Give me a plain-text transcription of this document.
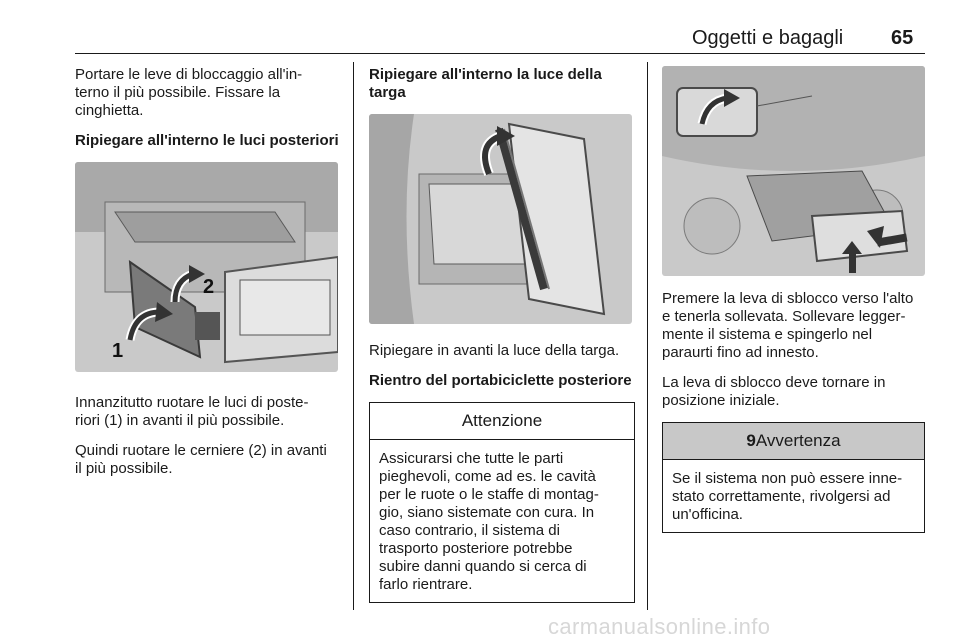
Oggetti e bagagli 65

Portare le leve di bloccaggio all'in-
terno il più possibile. Fissare la
cinghietta.

Ripiegare all'interno le luci posteriori
1
2

Innanzitutto ruotare le luci di poste-
riori (1) in avanti il più possibile.

Quindi ruotare le cerniere (2) in avanti
il più possibile.

Ripiegare all'interno la luce della
targa

Ripiegare in avanti la luce della targa.

Rientro del portabiciclette posteriore
Attenzione
Assicurarsi che tutte le parti
pieghevoli, come ad es. le cavità
per le ruote o le staffe di montag-
gio, siano sistemate con cura. In
caso contrario, il sistema di
trasporto posteriore potrebbe
subire danni quando si cerca di
farlo rientrare.

Premere la leva di sblocco verso l'alto
e tenerla sollevata. Sollevare legger-
mente il sistema e spingerlo nel
paraurti fino ad innesto.

La leva di sblocco deve tornare in
posizione iniziale.

9Avvertenza
Se il sistema non può essere inne-
stato correttamente, rivolgersi ad
un'officina.
carmanualsonline.info
